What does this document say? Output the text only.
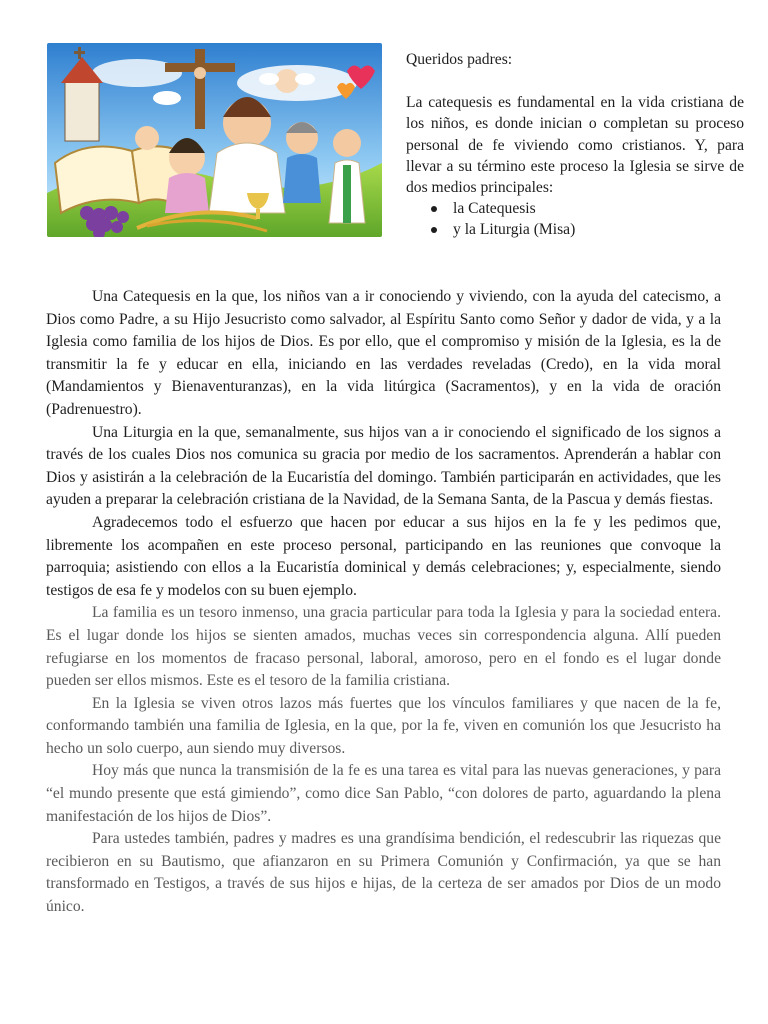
Queridos padres:

La catequesis es fundamental en la vida cristiana de los niños, es donde inician o completan su proceso personal de fe viviendo como cristianos. Y, para llevar a su término este proceso la Iglesia se sirve de dos medios principales:

la Catequesis
y la Liturgia (Misa)

Una Catequesis en la que, los niños van a ir conociendo y viviendo, con la ayuda del catecismo, a Dios como Padre, a su Hijo Jesucristo como salvador, al Espíritu Santo como Señor y dador de vida, y a la Iglesia como familia de los hijos de Dios. Es por ello, que el compromiso y misión de la Iglesia, es la de transmitir la fe y educar en ella, iniciando en las verdades reveladas (Credo), en la vida moral (Mandamientos y Bienaventuranzas), en la vida litúrgica (Sacramentos), y en la vida de oración (Padrenuestro).

Una Liturgia en la que, semanalmente, sus hijos van a ir conociendo el significado de los signos a través de los cuales Dios nos comunica su gracia por medio de los sacramentos. Aprenderán a hablar con Dios y asistirán a la celebración de la Eucaristía del domingo. También participarán en actividades, que les ayuden a preparar la celebración cristiana de la Navidad, de la Semana Santa, de la Pascua y demás fiestas.

Agradecemos todo el esfuerzo que hacen por educar a sus hijos en la fe y les pedimos que, libremente los acompañen en este proceso personal, participando en las reuniones que convoque la parroquia; asistiendo con ellos a la Eucaristía dominical y demás celebraciones; y, especialmente, siendo testigos de esa fe y modelos con su buen ejemplo.

La familia es un tesoro inmenso, una gracia particular para toda la Iglesia y para la sociedad entera. Es el lugar donde los hijos se sienten amados, muchas veces sin correspondencia alguna. Allí pueden refugiarse en los momentos de fracaso personal, laboral, amoroso, pero en el fondo es el lugar donde pueden ser ellos mismos. Este es el tesoro de la familia cristiana.

En la Iglesia se viven otros lazos más fuertes que los vínculos familiares y que nacen de la fe, conformando también una familia de Iglesia, en la que, por la fe, viven en comunión los que Jesucristo ha hecho un solo cuerpo, aun siendo muy diversos.

Hoy más que nunca la transmisión de la fe es una tarea es vital para las nuevas generaciones, y para “el mundo presente que está gimiendo”, como dice San Pablo, “con dolores de parto, aguardando la plena manifestación de los hijos de Dios”.

Para ustedes también, padres y madres es una grandísima bendición, el redescubrir las riquezas que recibieron en su Bautismo, que afianzaron en su Primera Comunión y Confirmación, ya que se han transformado en Testigos, a través de sus hijos e hijas, de la certeza de ser amados por Dios de un modo único.
